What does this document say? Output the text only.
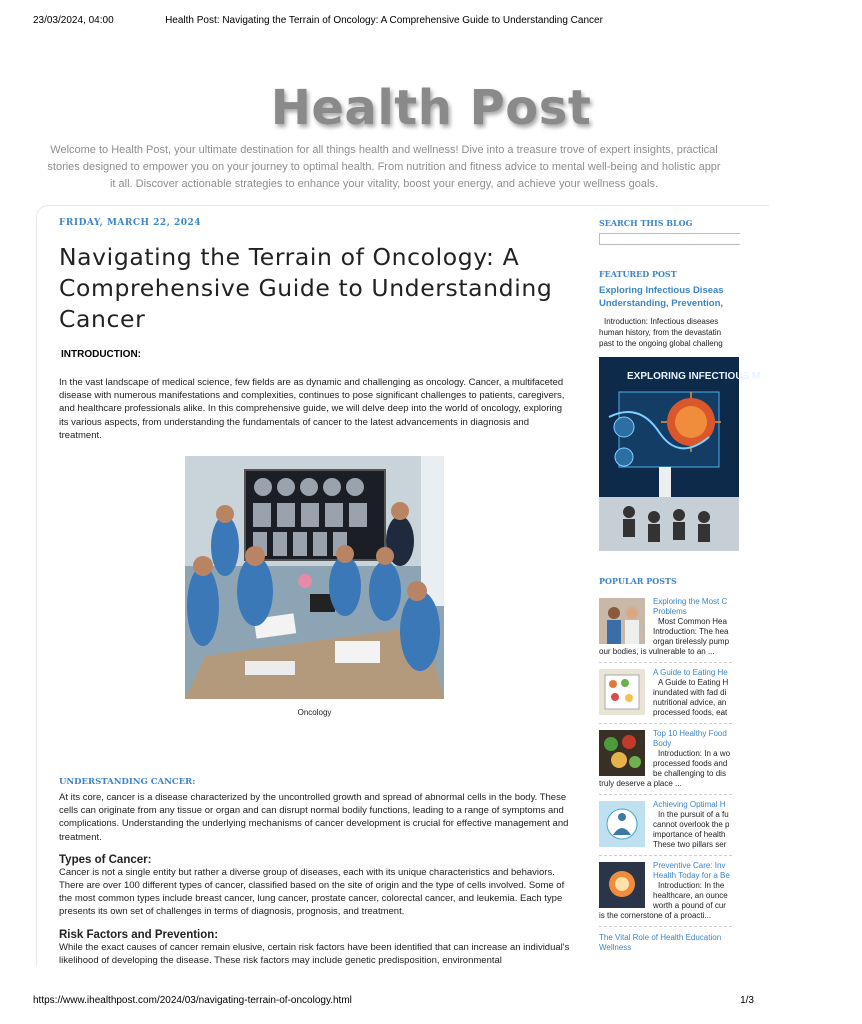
23/03/2024, 04:00	Health Post: Navigating the Terrain of Oncology: A Comprehensive Guide to Understanding Cancer
Health Post
Welcome to Health Post, your ultimate destination for all things health and wellness! Dive into a treasure trove of expert insights, practical
stories designed to empower you on your journey to optimal health. From nutrition and fitness advice to mental well-being and holistic appr
it all. Discover actionable strategies to enhance your vitality, boost your energy, and achieve your wellness goals.
FRIDAY, MARCH 22, 2024
Navigating the Terrain of Oncology: A Comprehensive Guide to Understanding Cancer
INTRODUCTION:
In the vast landscape of medical science, few fields are as dynamic and challenging as oncology. Cancer, a multifaceted disease with numerous manifestations and complexities, continues to pose significant challenges to patients, caregivers, and healthcare professionals alike. In this comprehensive guide, we will delve deep into the world of oncology, exploring its various aspects, from understanding the fundamentals of cancer to the latest advancements in diagnosis and treatment.
Oncology
UNDERSTANDING CANCER:
At its core, cancer is a disease characterized by the uncontrolled growth and spread of abnormal cells in the body. These cells can originate from any tissue or organ and can disrupt normal bodily functions, leading to a range of symptoms and complications. Understanding the underlying mechanisms of cancer development is crucial for effective management and treatment.
Types of Cancer:
Cancer is not a single entity but rather a diverse group of diseases, each with its unique characteristics and behaviors. There are over 100 different types of cancer, classified based on the site of origin and the type of cells involved. Some of the most common types include breast cancer, lung cancer, prostate cancer, colorectal cancer, and leukemia. Each type presents its own set of challenges in terms of diagnosis, prognosis, and treatment.
Risk Factors and Prevention:
While the exact causes of cancer remain elusive, certain risk factors have been identified that can increase an individual's likelihood of developing the disease. These risk factors may include genetic predisposition, environmental
SEARCH THIS BLOG
FEATURED POST
Exploring Infectious Diseas
Understanding, Prevention,
Introduction: Infectious diseases
human history, from the devastatin
past to the ongoing global challeng
EXPLORING INFECTIOUS M
POPULAR POSTS
Exploring the Most C
Problems
Most Common Hea
Introduction: The hea
organ tirelessly pump
our bodies, is vulnerable to an ...
A Guide to Eating He
A Guide to Eating H
inundated with fad di
nutritional advice, an
processed foods, eat
Top 10 Healthy Food
Body
Introduction: In a wo
processed foods and
be challenging to dis
truly deserve a place ...
Achieving Optimal H
In the pursuit of a fu
cannot overlook the p
importance of health
These two pillars ser
Preventive Care: Inv
Health Today for a Be
Introduction: In the
healthcare, an ounce
worth a pound of cur
is the cornerstone of a proacti...
The Vital Role of Health Education
Wellness
https://www.ihealthpost.com/2024/03/navigating-terrain-of-oncology.html	1/3
